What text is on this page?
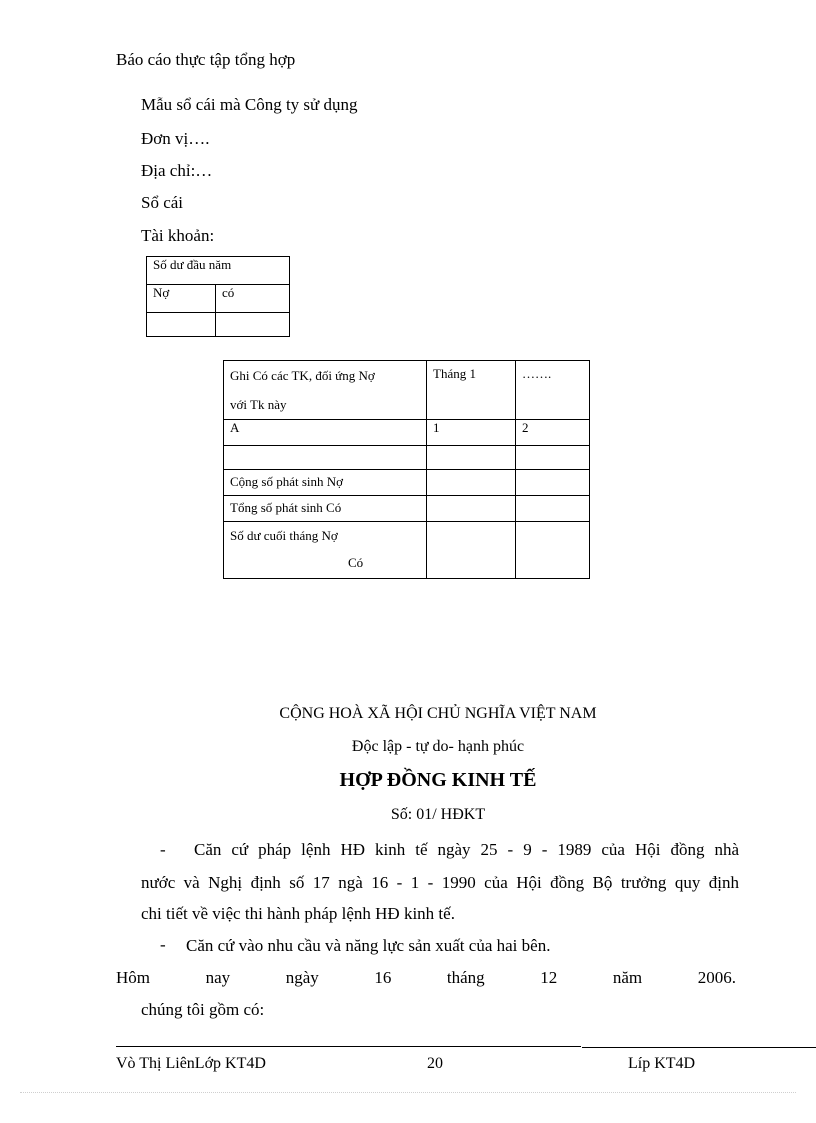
Báo cáo thực tập tổng hợp
Mẫu sổ cái mà Công ty sử dụng
Đơn vị….
Địa chỉ:…
Sổ cái
Tài khoản:
Số dư đầu năm	
Nợ	có

Ghi Có các TK, đối ứng Nợ
với Tk này	Tháng 1	…….
A	1	2

Cộng số phát sinh Nợ		
Tổng số phát sinh Có		
Số dư cuối tháng Nợ
Có		
CỘNG HOÀ XÃ HỘI CHỦ NGHĨA VIỆT NAM
Độc lập - tự do- hạnh phúc
HỢP ĐỒNG KINH TẾ
Số: 01/ HĐKT
- Căn cứ pháp lệnh HĐ kinh tế ngày 25 - 9 - 1989 của Hội đồng nhà
nước và Nghị định số 17 ngà 16 - 1 - 1990 của Hội đồng Bộ trưởng quy định
chi tiết về việc thi hành pháp lệnh HĐ kinh tế.
- Căn cứ vào nhu cầu và năng lực sản xuất của hai bên.
Hôm	nay	ngày	16	tháng	12	năm	2006.
chúng tôi gồm có:
Vò Thị LiênLớp KT4D	20	Líp KT4D
